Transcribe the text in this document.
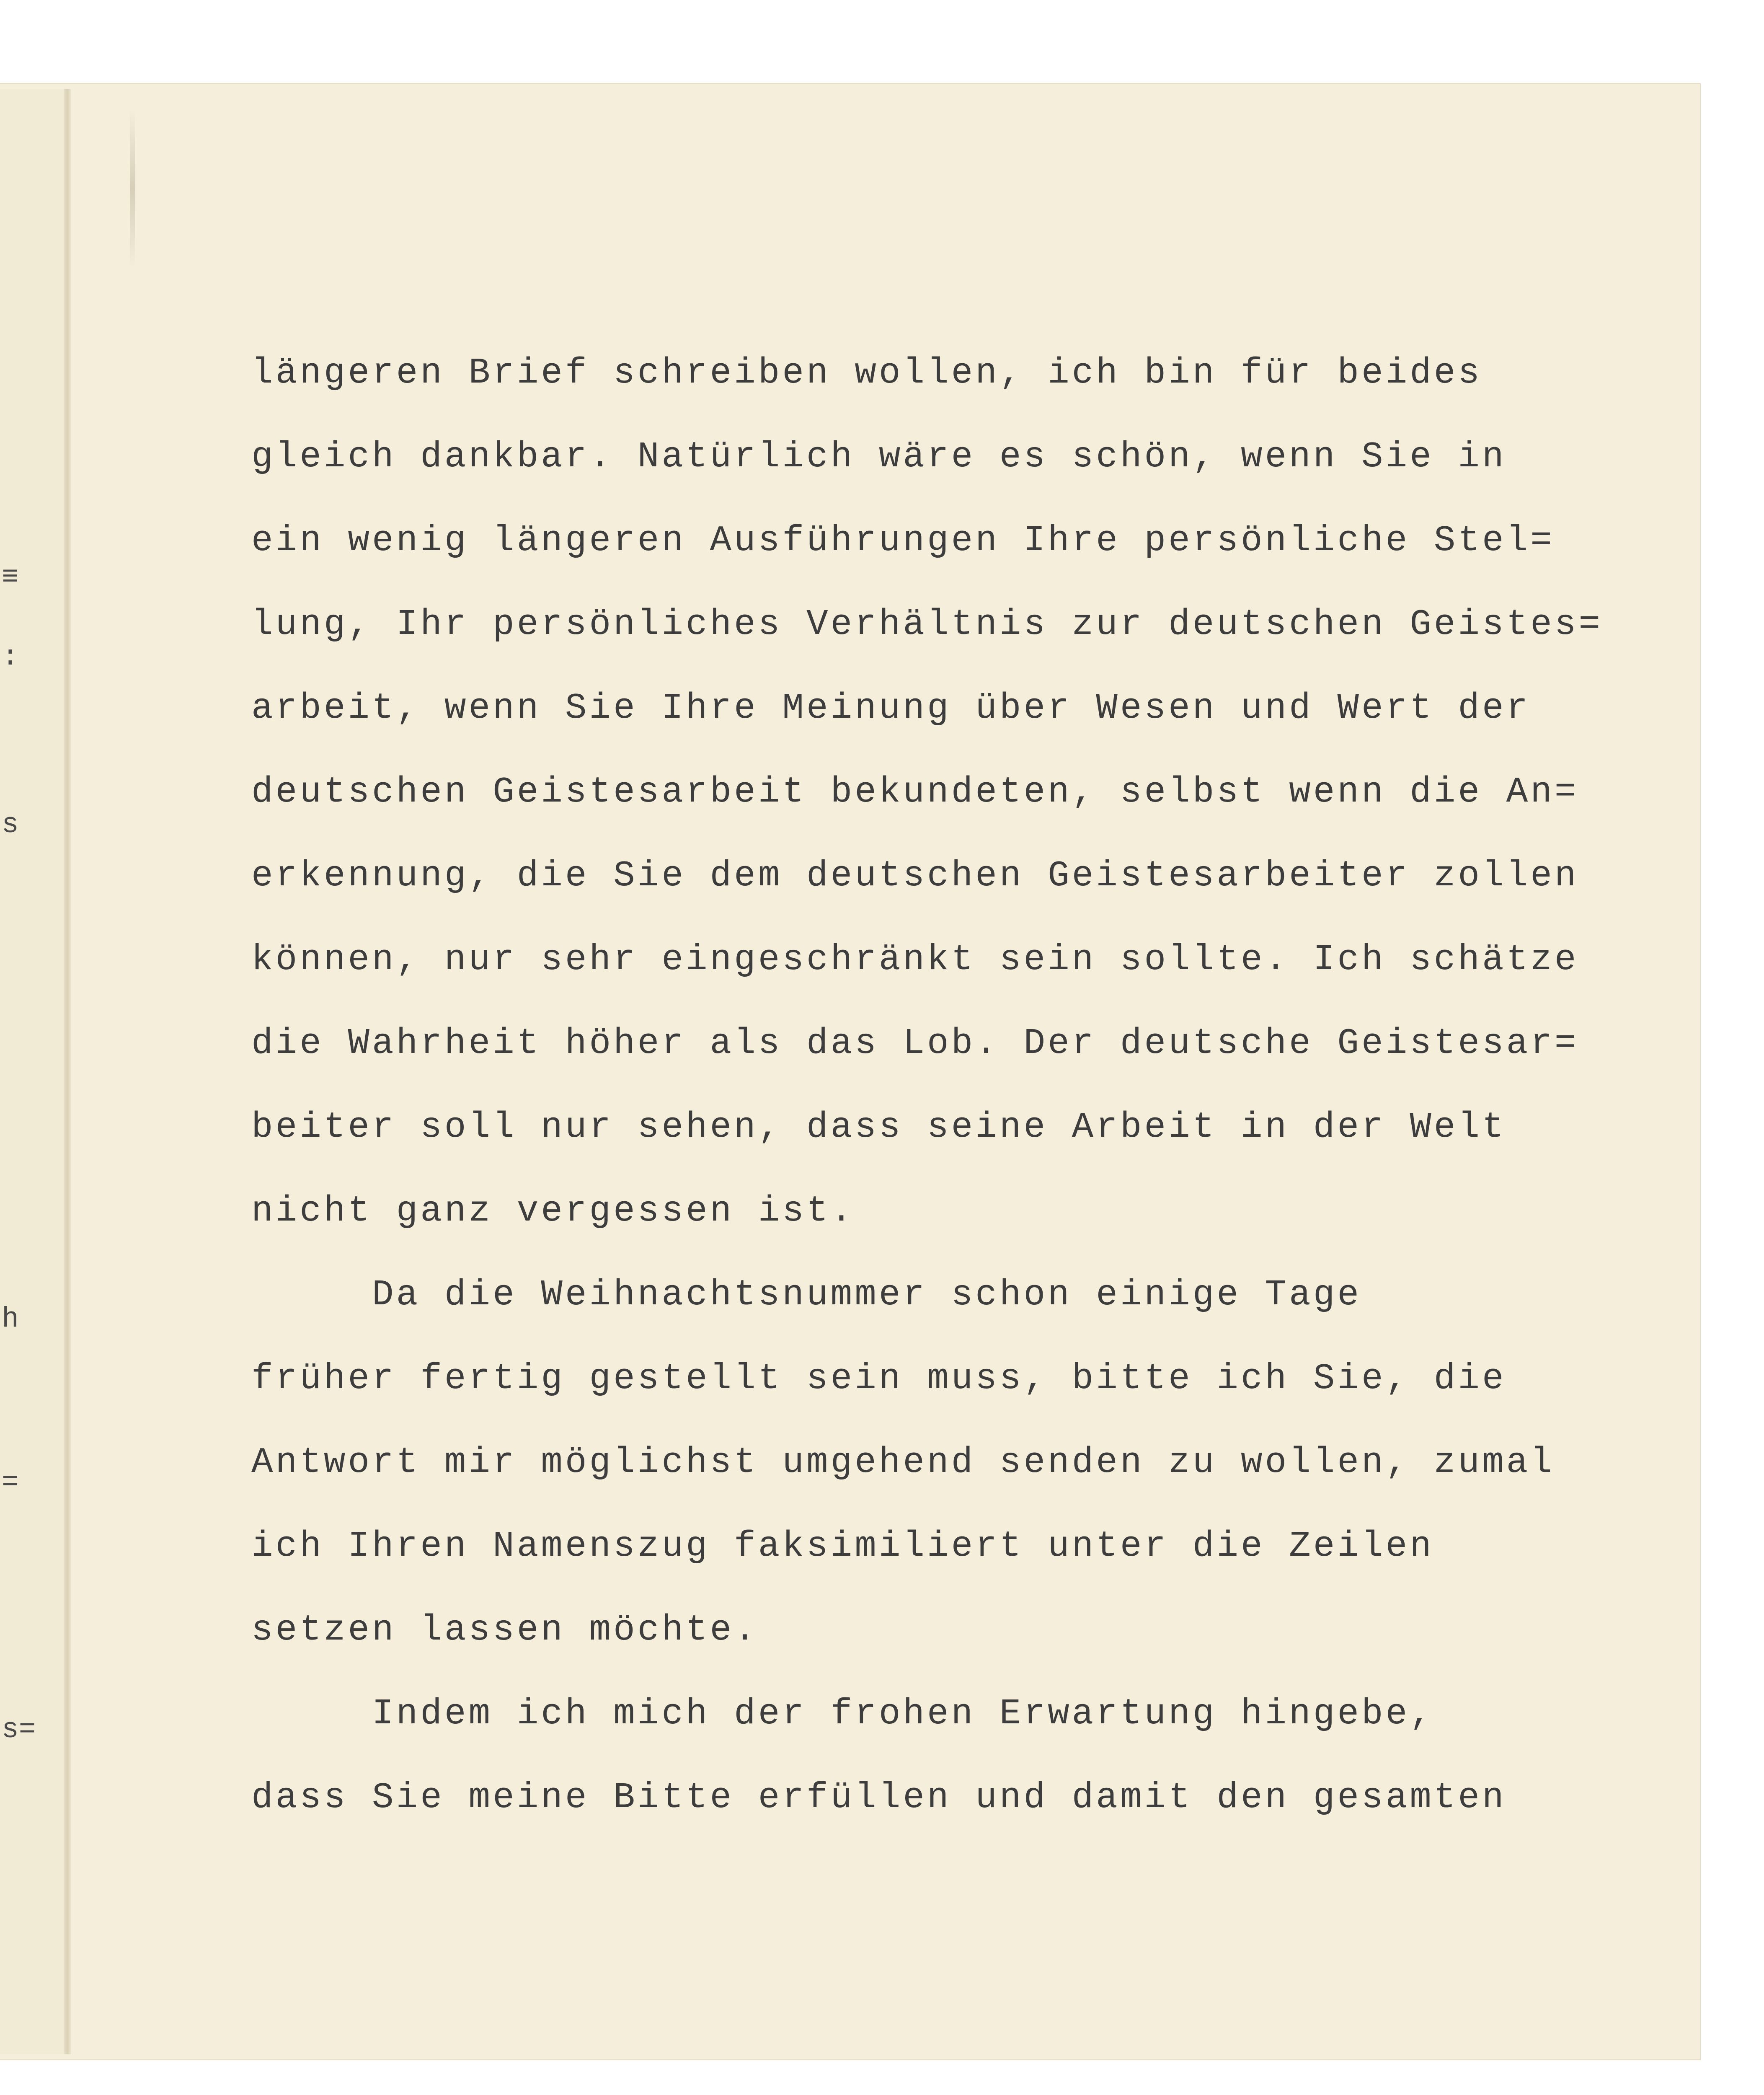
≡
:
s
h
=
s=
längeren Brief schreiben wollen, ich bin für beides
gleich dankbar. Natürlich wäre es schön, wenn Sie in
ein wenig längeren Ausführungen Ihre persönliche Stel=
lung, Ihr persönliches Verhältnis zur deutschen Geistes=
arbeit, wenn Sie Ihre Meinung über Wesen und Wert der
deutschen Geistesarbeit bekundeten, selbst wenn die An=
erkennung, die Sie dem deutschen Geistesarbeiter zollen
können, nur sehr eingeschränkt sein sollte. Ich schätze
die Wahrheit höher als das Lob. Der deutsche Geistesar=
beiter soll nur sehen, dass seine Arbeit in der Welt
nicht ganz vergessen ist.
Da die Weihnachtsnummer schon einige Tage
früher fertig gestellt sein muss, bitte ich Sie, die
Antwort mir möglichst umgehend senden zu wollen, zumal
ich Ihren Namenszug faksimiliert unter die Zeilen
setzen lassen möchte.
Indem ich mich der frohen Erwartung hingebe,
dass Sie meine Bitte erfüllen und damit den gesamten
